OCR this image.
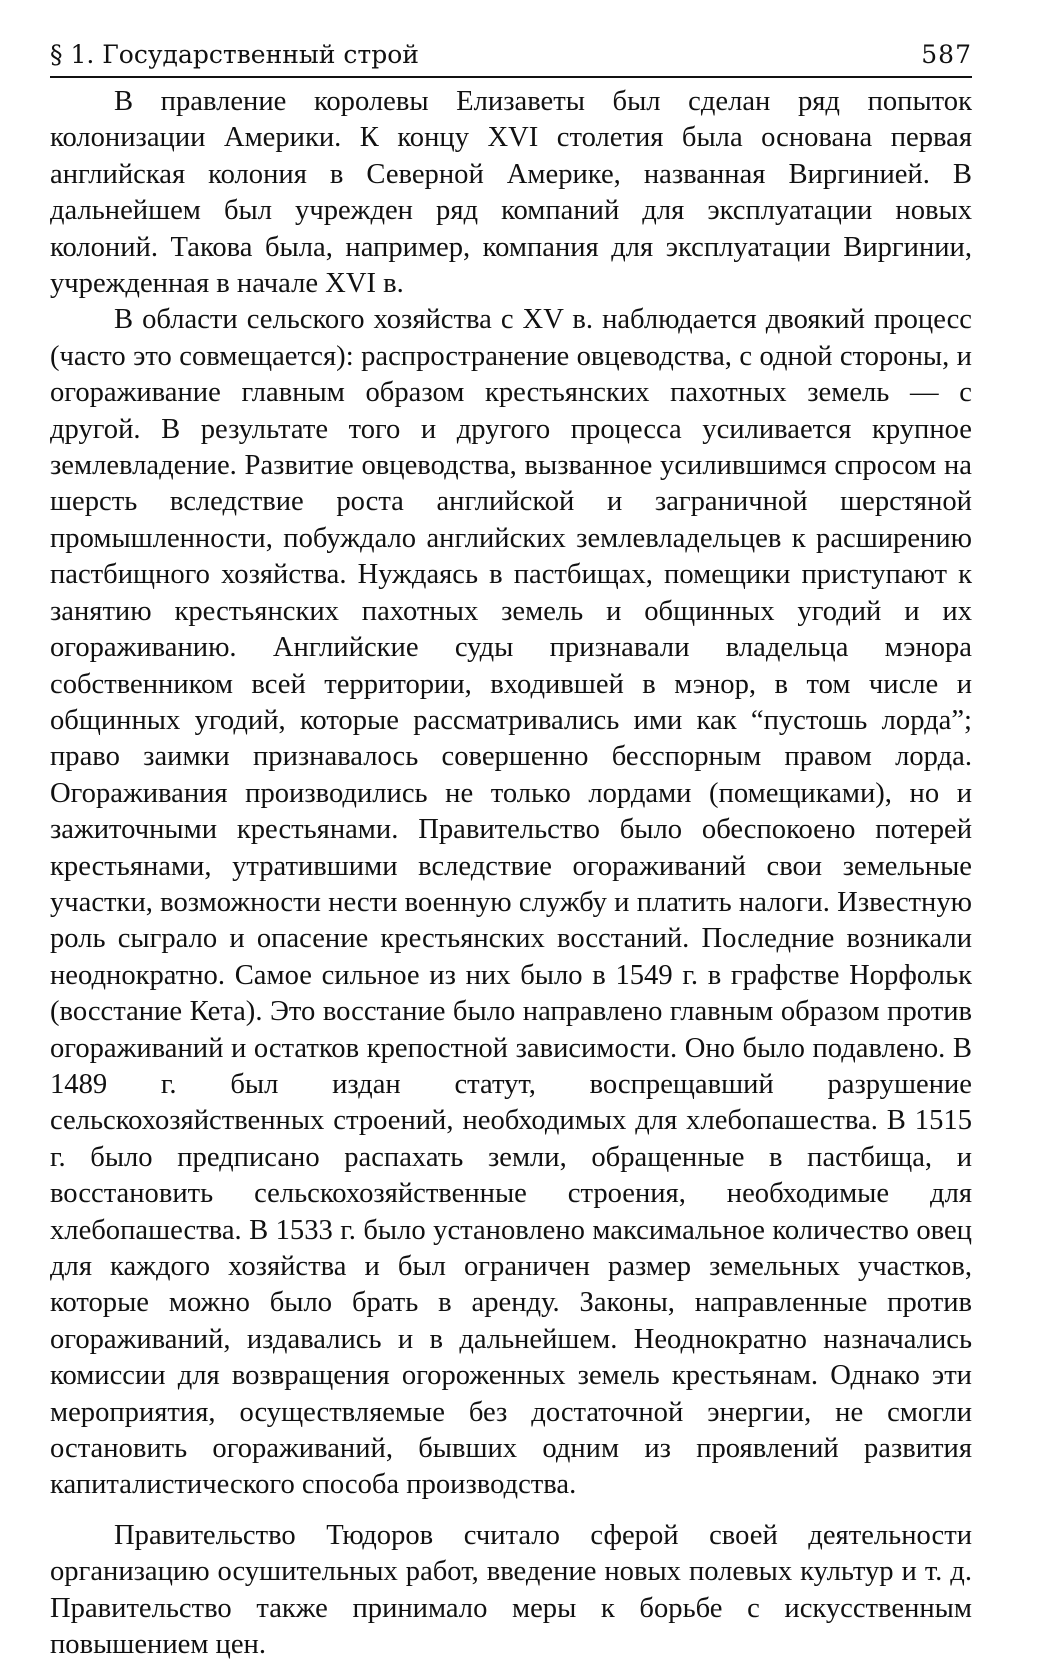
§ 1. Государственный строй	587

В правление королевы Елизаветы был сделан ряд попыток колонизации Америки. К концу XVI столетия была основана первая английская колония в Северной Америке, названная Виргинией. В дальнейшем был учрежден ряд компаний для эксплуатации новых колоний. Такова была, например, компания для эксплуатации Виргинии, учрежденная в начале XVI в.

В области сельского хозяйства с XV в. наблюдается двоякий процесс (часто это совмещается): распространение овцеводства, с одной стороны, и огораживание главным образом крестьянских пахотных земель — с другой. В результате того и другого процесса усиливается крупное землевладение. Развитие овцеводства, вызванное усилившимся спросом на шерсть вследствие роста английской и заграничной шерстяной промышленности, побуждало английских землевладельцев к расширению пастбищного хозяйства. Нуждаясь в пастбищах, помещики приступают к занятию крестьянских пахотных земель и общинных угодий и их огораживанию. Английские суды признавали владельца мэнора собственником всей территории, входившей в мэнор, в том числе и общинных угодий, которые рассматривались ими как “пустошь лорда”; право заимки признавалось совершенно бесспорным правом лорда. Огораживания производились не только лордами (помещиками), но и зажиточными крестьянами. Правительство было обеспокоено потерей крестьянами, утратившими вследствие огораживаний свои земельные участки, возможности нести военную службу и платить налоги. Известную роль сыграло и опасение крестьянских восстаний. Последние возникали неоднократно. Самое сильное из них было в 1549 г. в графстве Норфольк (восстание Кета). Это восстание было направлено главным образом против огораживаний и остатков крепостной зависимости. Оно было подавлено. В 1489 г. был издан статут, воспрещавший разрушение сельскохозяйственных строений, необходимых для хлебопашества. В 1515 г. было предписано распахать земли, обращенные в пастбища, и восстановить сельскохозяйственные строения, необходимые для хлебопашества. В 1533 г. было установлено максимальное количество овец для каждого хозяйства и был ограничен размер земельных участков, которые можно было брать в аренду. Законы, направленные против огораживаний, издавались и в дальнейшем. Неоднократно назначались комиссии для возвращения огороженных земель крестьянам. Однако эти мероприятия, осуществляемые без достаточной энергии, не смогли остановить огораживаний, бывших одним из проявлений развития капиталистического способа производства.

Правительство Тюдоров считало сферой своей деятельности организацию осушительных работ, введение новых полевых культур и т. д. Правительство также принимало меры к борьбе с искусственным повышением цен.
